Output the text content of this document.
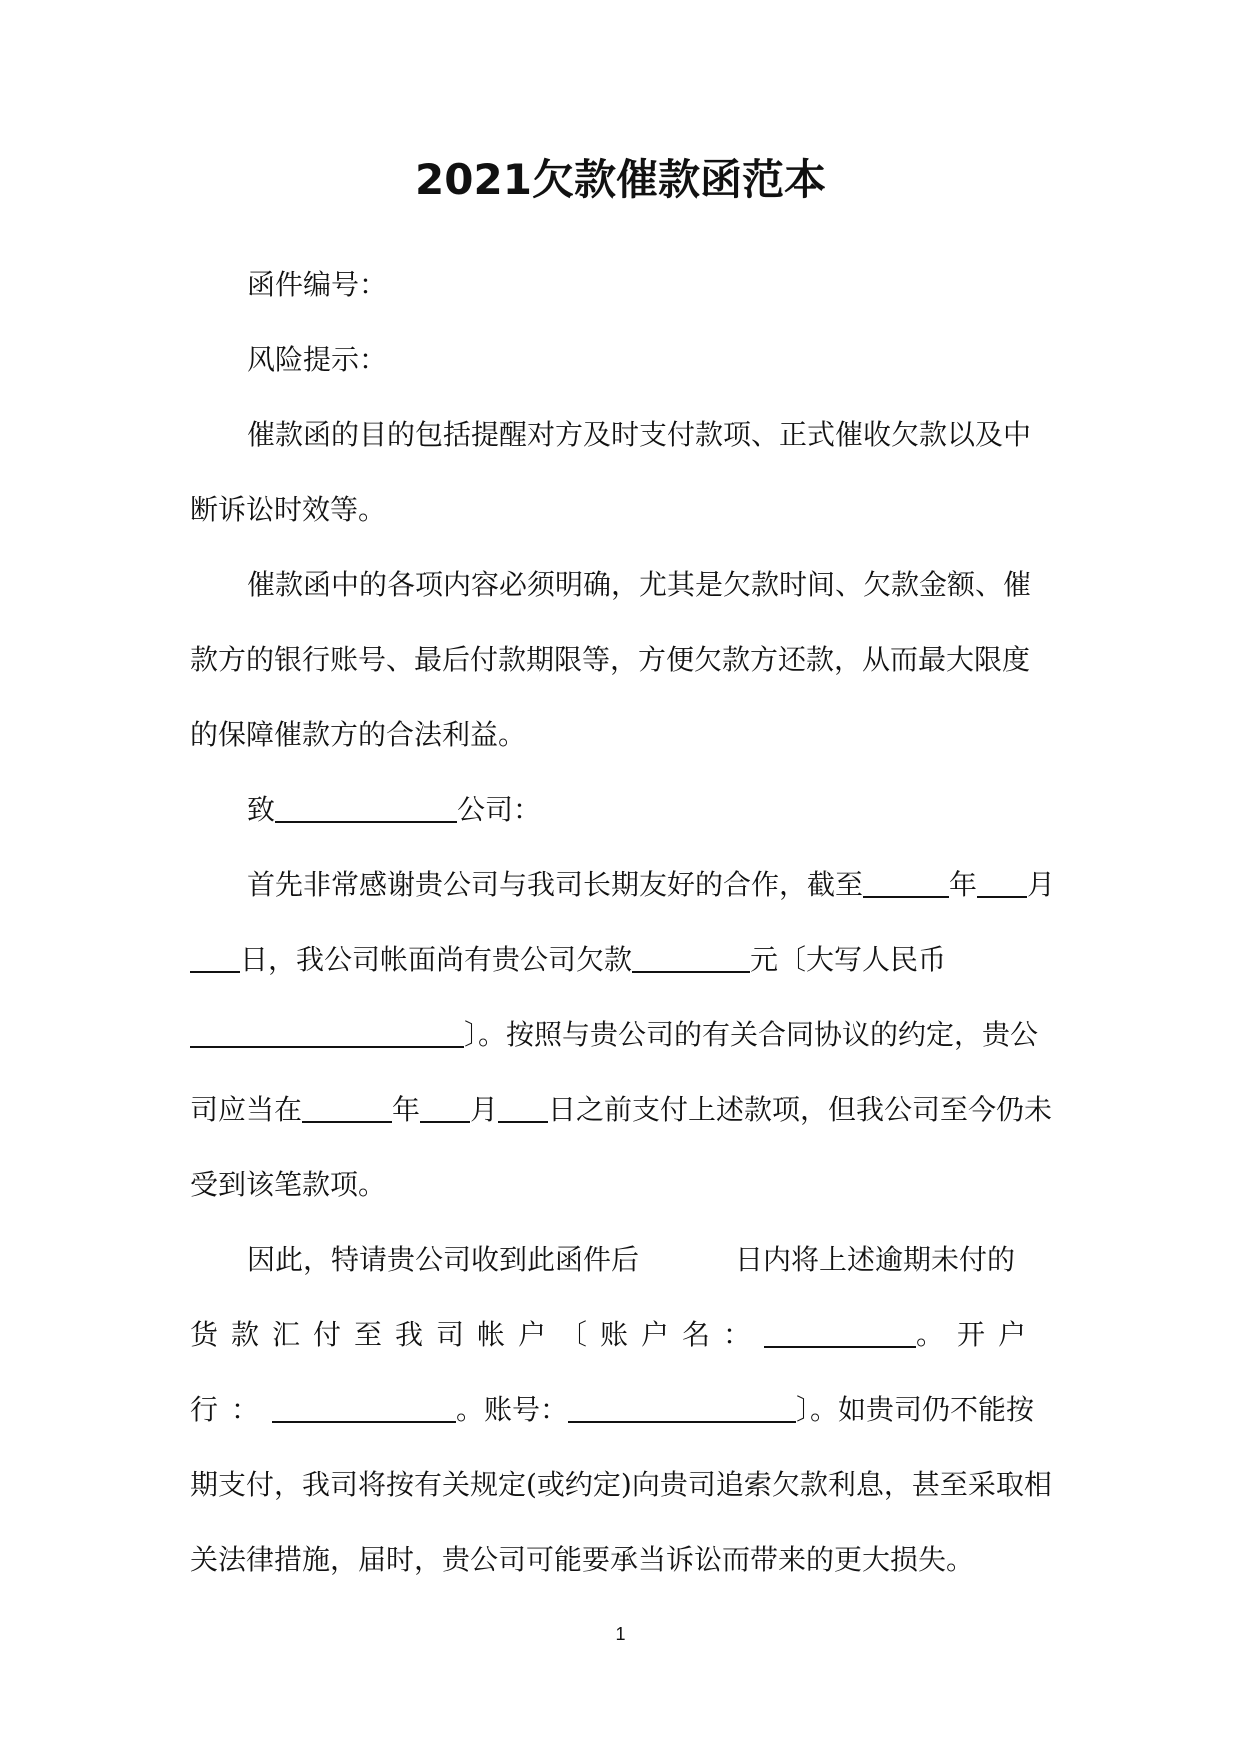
2021欠款催款函范本

函件编号：

风险提示：

催款函的目的包括提醒对方及时支付款项、正式催收欠款以及中断诉讼时效等。

催款函中的各项内容必须明确，尤其是欠款时间、欠款金额、催款方的银行账号、最后付款期限等，方便欠款方还款，从而最大限度的保障催款方的合法利益。

致	公司：

首先非常感谢贵公司与我司长期友好的合作，截至	年 月日，我公司帐面尚有贵公司欠款	元〔大写人民币〕。按照与贵公司的有关合同协议的约定，贵公司应当在	年 月 日之前支付上述款项，但我公司至今仍未受到该笔款项。

因此，特请贵公司收到此函件后	日内将上述逾期未付的货款汇付至我司帐户〔账户名：	。开户行：	。账号：	〕。如贵司仍不能按期支付，我司将按有关规定(或约定)向贵司追索欠款利息，甚至采取相关法律措施，届时，贵公司可能要承当诉讼而带来的更大损失。

1
